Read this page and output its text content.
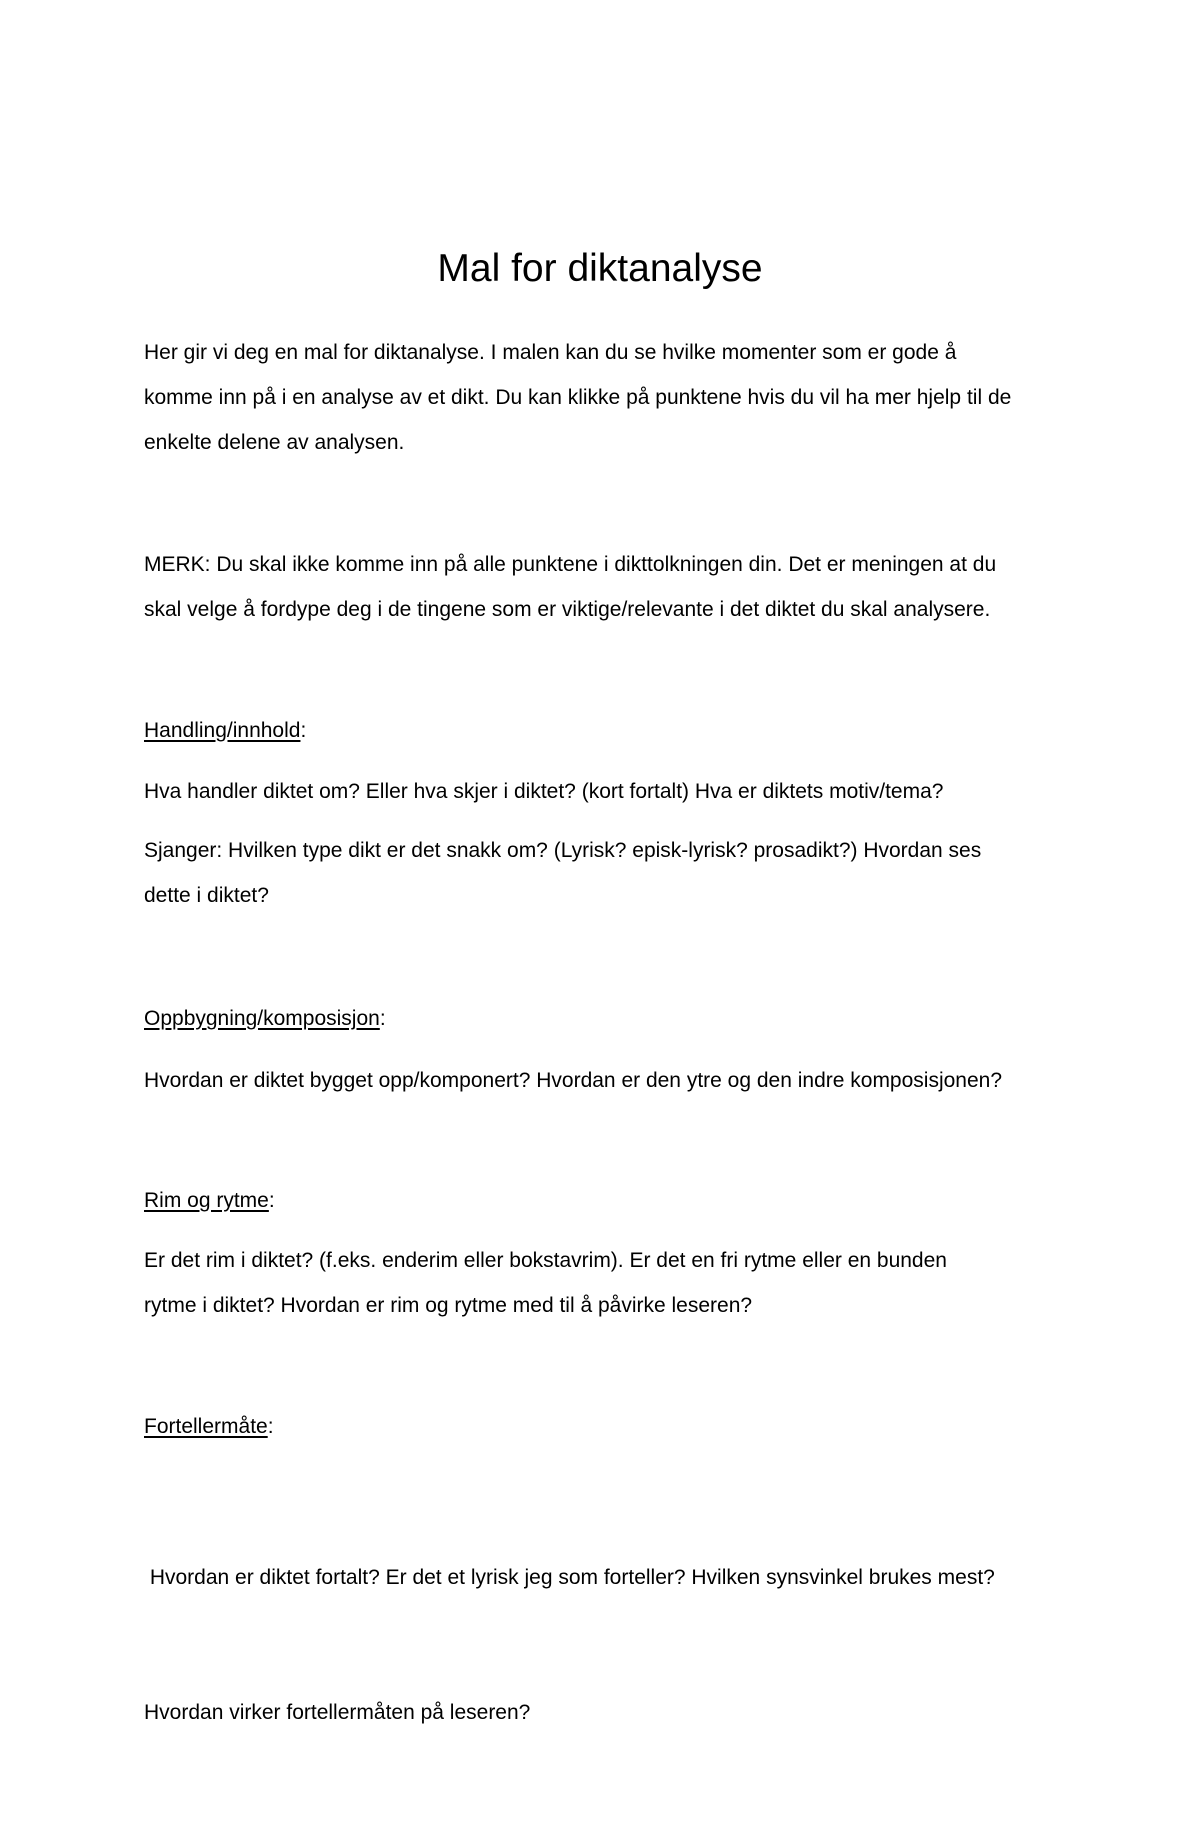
Mal for diktanalyse

Her gir vi deg en mal for diktanalyse. I malen kan du se hvilke momenter som er gode å
komme inn på i en analyse av et dikt. Du kan klikke på punktene hvis du vil ha mer hjelp til de
enkelte delene av analysen.

MERK: Du skal ikke komme inn på alle punktene i dikttolkningen din. Det er meningen at du
skal velge å fordype deg i de tingene som er viktige/relevante i det diktet du skal analysere.

Handling/innhold:

Hva handler diktet om? Eller hva skjer i diktet? (kort fortalt) Hva er diktets motiv/tema?

Sjanger: Hvilken type dikt er det snakk om? (Lyrisk? episk-lyrisk? prosadikt?) Hvordan ses
dette i diktet?

Oppbygning/komposisjon:

Hvordan er diktet bygget opp/komponert? Hvordan er den ytre og den indre komposisjonen?

Rim og rytme:

Er det rim i diktet? (f.eks. enderim eller bokstavrim). Er det en fri rytme eller en bunden
rytme i diktet? Hvordan er rim og rytme med til å påvirke leseren?

Fortellermåte:

Hvordan er diktet fortalt? Er det et lyrisk jeg som forteller? Hvilken synsvinkel brukes mest?

Hvordan virker fortellermåten på leseren?
